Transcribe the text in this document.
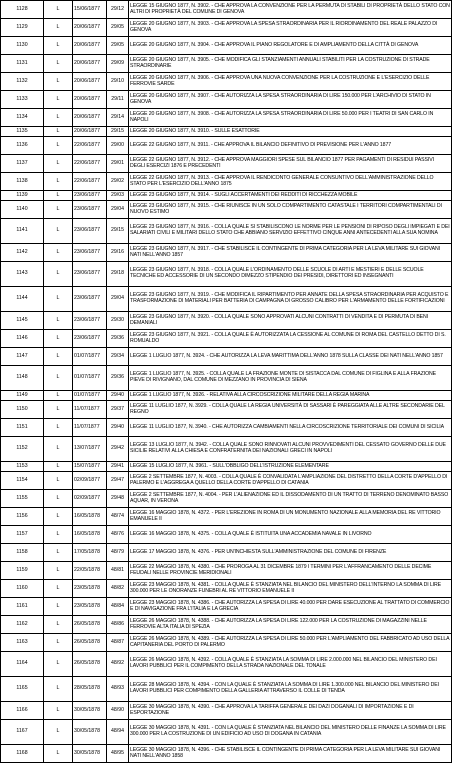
1128	L	15/06/1877	29/12	LEGGE 15 GIUGNO 1877, N. 3902. - CHE APPROVA LA CONVENZIONE PER LA PERMUTA DI STABILI DI PROPRIETÀ DELLO STATO CON ALTRI DI PROPRIETÀ DEL COMUNE DI GENOVA
1129	L	20/06/1877	29/05	LEGGE 20 GIUGNO 1877, N. 3903. - CHE APPROVA LA SPESA STRAORDINARIA PER IL RIORDINAMENTO DEL REALE PALAZZO DI GENOVA
1130	L	20/06/1877	29/05	LEGGE 20 GIUGNO 1877, N. 3904. - CHE APPROVA IL PIANO REGOLATORE E DI AMPLIAMENTO DELLA CITTÀ DI GENOVA
1131	L	20/06/1877	29/09	LEGGE 20 GIUGNO 1877, N. 3905. - CHE MODIFICA GLI STANZIAMENTI ANNUALI STABILITI PER LA COSTRUZIONE DI STRADE STRAORDINARIE
1132	L	20/06/1877	29/10	LEGGE 20 GIUGNO 1877, N. 3906. - CHE APPROVA UNA NUOVA CONVENZIONE PER LA COSTRUZIONE E L'ESERCIZIO DELLE FERROVIE SARDE
1133	L	20/06/1877	29/11	LEGGE 20 GIUGNO 1877, N. 3907. - CHE AUTORIZZA LA SPESA STRAORDINARIA DI LIRE 150.000 PER L'ARCHIVIO DI STATO IN GENOVA
1134	L	20/06/1877	29/14	LEGGE 20 GIUGNO 1877, N. 3908. - CHE AUTORIZZA LA SPESA STRAORDINARIA DI LIRE 50.000 PER I TEATRI DI SAN CARLO IN NAPOLI
1135	L	20/06/1877	29/15	LEGGE 20 GIUGNO 1877, N. 3910. - SULLE ESATTORIE
1136	L	22/06/1877	29/00	LEGGE 22 GIUGNO 1877, N. 3911. - CHE APPROVA IL BILANCIO DEFINITIVO DI PREVISIONE PER L'ANNO 1877
1137	L	22/06/1877	29/01	LEGGE 22 GIUGNO 1877, N. 3912. - CHE APPROVA MAGGIORI SPESE SUL BILANCIO 1877 PER PAGAMENTI DI RESIDUI PASSIVI DEGLI ESERCIZI 1876 E PRECEDENTI
1138	L	22/06/1877	29/02	LEGGE 22 GIUGNO 1877, N. 3913. - CHE APPROVA IL RENDICONTO GENERALE CONSUNTIVO DELL'AMMINISTRAZIONE DELLO STATO PER L'ESERCIZIO DELL'ANNO 1875
1139	L	23/06/1877	29/03	LEGGE 23 GIUGNO 1877, N. 3914. - SUGLI ACCERTAMENTI DEI REDDITI DI RICCHEZZA MOBILE
1140	L	23/06/1877	29/04	LEGGE 23 GIUGNO 1877, N. 3915. - CHE RIUNISCE IN UN SOLO COMPARTIMENTO CATASTALE I TERRITORI COMPARTIMENTALI DI NUOVO ESTIMO
1141	L	23/06/1877	29/15	LEGGE 23 GIUGNO 1877, N. 3916. - COLLA QUALE SI STABILISCONO LE NORME PER LE PENSIONI DI RIPOSO DEGLI IMPIEGATI E DEI SALARIATI CIVILI E MILITARI DELLO STATO CHE ABBIANO SERVIZIO EFFETTIVO CINQUE ANNI ANTECEDENTI ALLA SUA NOMINA
1142	L	23/06/1877	29/16	LEGGE 23 GIUGNO 1877, N. 3917. - CHE STABILISCE IL CONTINGENTE DI PRIMA CATEGORIA PER LA LEVA MILITARE SUI GIOVANI NATI NELL'ANNO 1857
1143	L	23/06/1877	29/18	LEGGE 23 GIUGNO 1877, N. 3918. - COLLA QUALE L'ORDINAMENTO DELLE SCUOLE DI ARTI E MESTIERI E DELLE SCUOLE TECNICHE ED ACCESSORIE DI UN SECONDO DIMEZZO STIPENDIO DEI PRESIDI, DIRETTORI ED INSEGNANTI
1144	L	23/06/1877	29/04	LEGGE 23 GIUGNO 1877, N. 3919. - CHE MODIFICA IL RIPARTIMENTO PER ANNATE DELLA SPESA STRAORDINARIA PER ACQUISTO E TRASFORMAZIONE DI MATERIALI PER BATTERIA DI CAMPAGNA DI GROSSO CALIBRO PER L'ARMAMENTO DELLE FORTIFICAZIONI
1145	L	23/06/1877	29/30	LEGGE 23 GIUGNO 1877, N. 3920. - COLLA QUALE SONO APPROVATI ALCUNI CONTRATTI DI VENDITA E DI PERMUTA DI BENI DEMANIALI
1146	L	23/06/1877	29/36	LEGGE 23 GIUGNO 1877, N. 3921. - COLLA QUALE È AUTORIZZATA LA CESSIONE AL COMUNE DI ROMA DEL CASTELLO DETTO DI S. ROMUALDO
1147	L	01/07/1877	29/34	LEGGE 1 LUGLIO 1877, N. 3924. - CHE AUTORIZZA LA LEVA MARITTIMA DELL'ANNO 1878 SULLA CLASSE DEI NATI NELL'ANNO 1857
1148	L	01/07/1877	29/36	LEGGE 1 LUGLIO 1877, N. 3925. - COLLA QUALE LA FRAZIONE MONTE DI SISTACCA DAL COMUNE DI FIGLINA E ALLA FRAZIONE PIEVE DI RIVIGNANO, DAL COMUNE DI MEZZANO IN PROVINCIA DI SIENA
1149	L	01/07/1877	29/40	LEGGE 1 LUGLIO 1877, N. 3926. - RELATIVA ALLA CIRCOSCRIZIONE MILITARE DELLA REGIA MARINA
1150	L	11/07/1877	29/37	LEGGE 11 LUGLIO 1877, N. 3929. - COLLA QUALE LA REGIA UNIVERSITÀ DI SASSARI È PAREGGIATA ALLE ALTRE SECONDARIE DEL REGNO
1151	L	11/07/1877	29/40	LEGGE 11 LUGLIO 1877, N. 3940. - CHE AUTORIZZA CAMBIAMENTI NELLA CIRCOSCRIZIONE TERRITORIALE DEI COMUNI DI SICILIA
1152	L	13/07/1877	29/42	LEGGE 13 LUGLIO 1877, N. 3942. - COLLA QUALE SONO RINNOVATI ALCUNI PROVVEDIMENTI DEL CESSATO GOVERNO DELLE DUE SICILIE RELATIVI ALLA CHIESA E CONFRATERNITA DEI NAZIONALI GRECI IN NAPOLI
1153	L	15/07/1877	29/41	LEGGE 15 LUGLIO 1877, N. 3961. - SULL'OBBLIGO DELL'ISTRUZIONE ELEMENTARE
1154	L	02/09/1877	29/47	LEGGE 2 SETTEMBRE 1877, N. 4003. - COLLA QUALE È CONVALIDATA L'AMPLIAZIONE DEL DISTRETTO DELLA CORTE D'APPELLO DI PALERMO E L'AGGREGA A QUELLO DELLA CORTE D'APPELLO DI CATANIA
1155	L	02/09/1877	29/48	LEGGE 2 SETTEMBRE 1877, N. 4004. - PER L'ALIENAZIONE ED IL DISSODAMENTO DI UN TRATTO DI TERRENO DENOMINATO BASSO AQUAR, IN VERONA
1156	L	16/05/1878	48/74	LEGGE 16 MAGGIO 1878, N. 4372. - PER L'EREZIONE IN ROMA DI UN MONUMENTO NAZIONALE ALLA MEMORIA DEL RE VITTORIO EMANUELE II
1157	L	16/05/1878	48/76	LEGGE 16 MAGGIO 1878, N. 4375. - COLLA QUALE È ISTITUITA UNA ACCADEMIA NAVALE IN LIVORNO
1158	L	17/05/1878	48/79	LEGGE 17 MAGGIO 1878, N. 4376. - PER UN'INCHIESTA SULL'AMMINISTRAZIONE DEL COMUNE DI FIRENZE
1159	L	22/05/1878	48/81	LEGGE 22 MAGGIO 1878, N. 4380. - CHE PROROGA AL 31 DICEMBRE 1879 I TERMINI PER L'AFFRANCAMENTO DELLE DECIME FEUDALI NELLE PROVINCIE MERIDIONALI
1160	L	23/05/1878	48/82	LEGGE 23 MAGGIO 1878, N. 4381. - COLLA QUALE È STANZIATA NEL BILANCIO DEL MINISTERO DELL'INTERNO LA SOMMA DI LIRE 300.000 PER LE ONORANZE FUNEBRI AL RE VITTORIO EMANUELE II
1161	L	23/05/1878	48/84	LEGGE 23 MAGGIO 1878, N. 4386. - CHE AUTORIZZA LA SPESA DI LIRE 40.000 PER DARE ESECUZIONE AL TRATTATO DI COMMERCIO E DI NAVIGAZIONE FRA L'ITALIA E LA GRECIA
1162	L	26/05/1878	48/86	LEGGE 26 MAGGIO 1878, N. 4388. - CHE AUTORIZZA LA SPESA DI LIRE 122.000 PER LA COSTRUZIONE DI MAGAZZINI NELLE FERROVIE ALTA ITALIA DI SPEZIA
1163	L	26/05/1878	48/87	LEGGE 26 MAGGIO 1878, N. 4389. - CHE AUTORIZZA LA SPESA DI LIRE 50.000 PER L'AMPLIAMENTO DEL FABBRICATO AD USO DELLA CAPITANERIA DEL PORTO DI PALERMO
1164	L	26/05/1878	48/92	LEGGE 26 MAGGIO 1878, N. 4392. - COLLA QUALE È STANZIATA LA SOMMA DI LIRE 2.000.000 NEL BILANCIO DEL MINISTERO DEI LAVORI PUBBLICI PER IL COMPIMENTO DELLA STRADA NAZIONALE DEL TONALE
1165	L	28/05/1878	48/93	LEGGE 28 MAGGIO 1878, N. 4394. - CON LA QUALE È STANZIATA LA SOMMA DI LIRE 1.300.000 NEL BILANCIO DEL MINISTERO DEI LAVORI PUBBLICI PER COMPIMENTO DELLA GALLERIA ATTRAVERSO IL COLLE DI TENDA
1166	L	30/05/1878	48/90	LEGGE 30 MAGGIO 1878, N. 4390. - CHE APPROVA LA TARIFFA GENERALE DEI DAZI DOGANALI DI IMPORTAZIONE E DI ESPORTAZIONE
1167	L	30/05/1878	48/94	LEGGE 30 MAGGIO 1878, N. 4391. - CON LA QUALE È STANZIATA NEL BILANCIO DEL MINISTERO DELLE FINANZE LA SOMMA DI LIRE 300.000 PER LA COSTRUZIONE DI UN EDIFICIO AD USO DI DOGANA IN CATANIA
1168	L	30/05/1878	48/95	LEGGE 30 MAGGIO 1878, N. 4396. - CHE STABILISCE IL CONTINGENTE DI PRIMA CATEGORIA PER LA LEVA MILITARE SUI GIOVANI NATI NELL'ANNO 1858
